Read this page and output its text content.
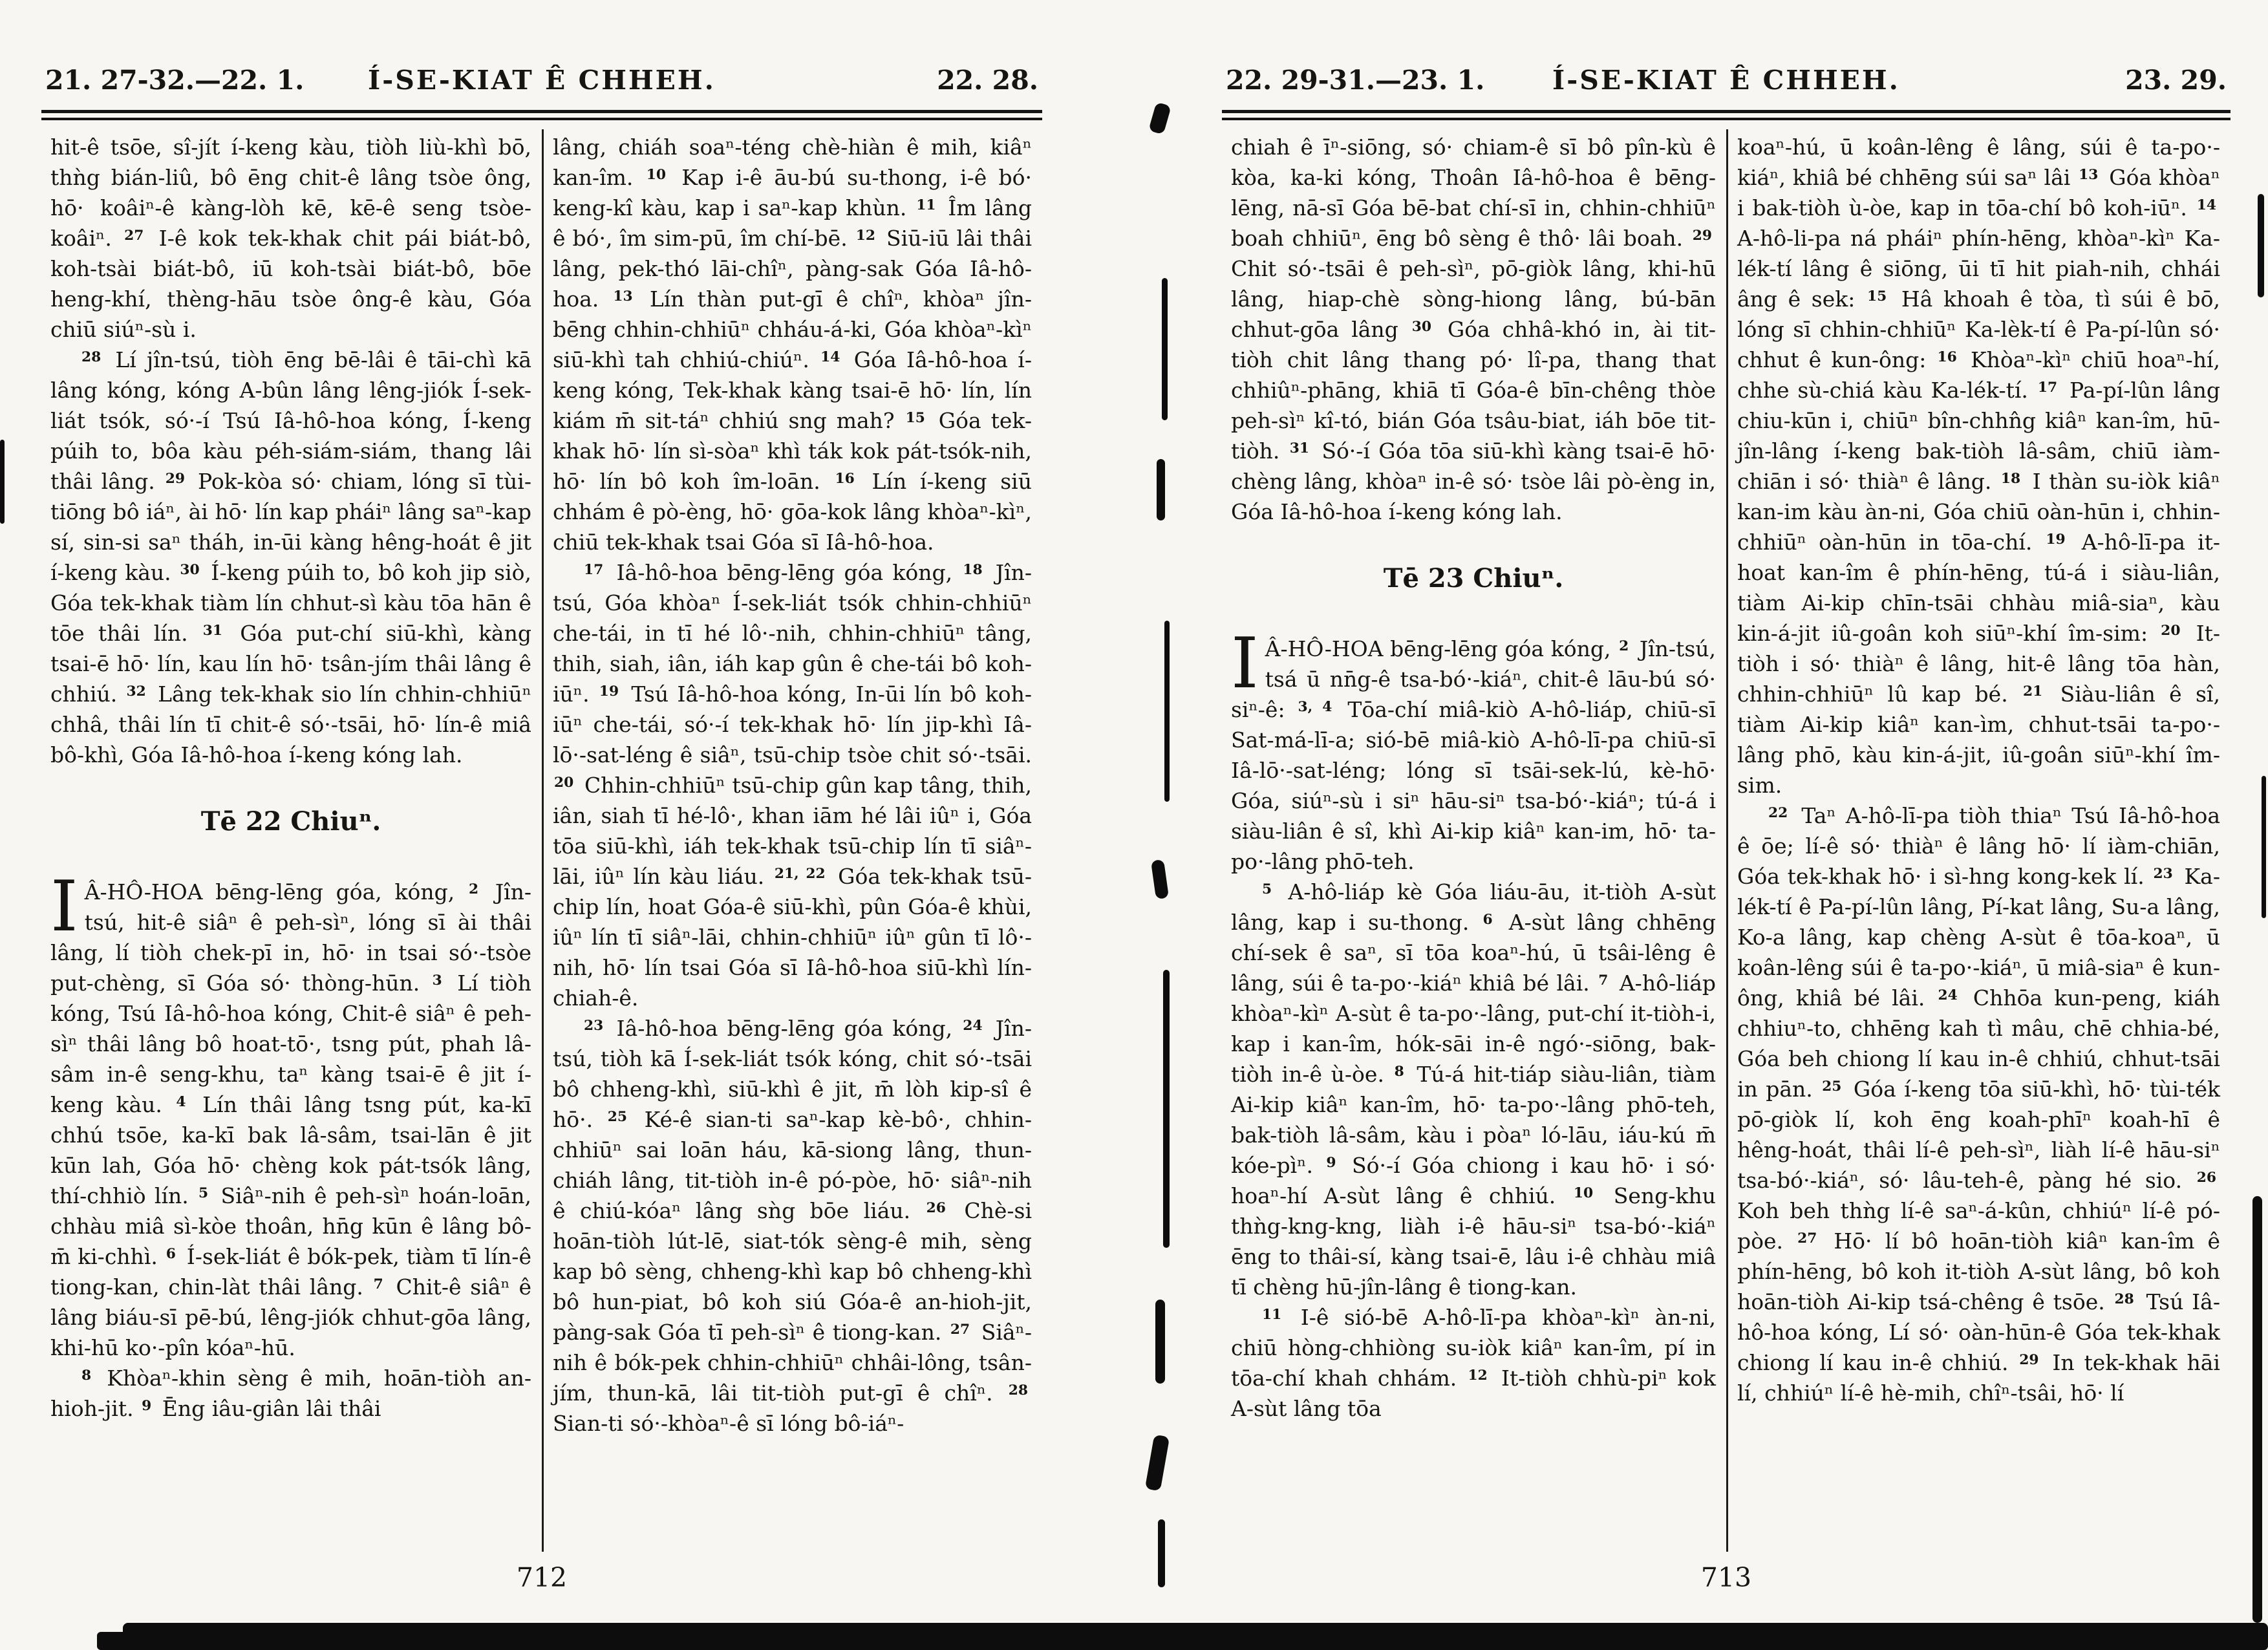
21. 27-32.—22. 1. Í-SE-KIAT Ê CHHEH.	22. 28.

hit-ê tsōe, sî-jít í-keng kàu, tiòh liù-khì bō, thǹg bián-liû, bô ēng chit-ê lâng tsòe ông, hō· koâiⁿ-ê kàng-lòh kē, kē-ê seng tsòe-koâiⁿ. $^{27}$ I-ê kok tek-khak chit pái biát-bô, koh-tsài biát-bô, iū koh-tsài biát-bô, bōe heng-khí, thèng-hāu tsòe ông-ê kàu, Góa chiū siúⁿ-sù i.

$^{28}$ Lí jîn-tsú, tiòh ēng bē-lâi ê tāi-chì kā lâng kóng, kóng A-bûn lâng lêng-jiók Í-sek-liát tsók, só·-í Tsú Iâ-hô-hoa kóng, Í-keng púih to, bôa kàu péh-siám-siám, thang lâi thâi lâng. $^{29}$ Pok-kòa só· chiam, lóng sī tùi-tiōng bô iáⁿ, ài hō· lín kap pháiⁿ lâng saⁿ-kap sí, sin-si saⁿ tháh, in-ūi kàng hêng-hoát ê jit í-keng kàu. $^{30}$ Í-keng púih to, bô koh jip siò, Góa tek-khak tiàm lín chhut-sì kàu tōa hān ê tōe thâi lín. $^{31}$ Góa put-chí siū-khì, kàng tsai-ē hō· lín, kau lín hō· tsân-jím thâi lâng ê chhiú. $^{32}$ Lâng tek-khak sio lín chhin-chhiūⁿ chhâ, thâi lín tī chit-ê só·-tsāi, hō· lín-ê miâ bô-khì, Góa Iâ-hô-hoa í-keng kóng lah.

Tē 22 Chiuⁿ.

I Â-HÔ-HOA bēng-lēng góa, kóng, $^2$ Jîn-tsú, hit-ê siâⁿ ê peh-sìⁿ, lóng sī ài thâi lâng, lí tiòh chek-pī in, hō· in tsai só·-tsòe put-chèng, sī Góa só· thòng-hūn. $^3$ Lí tiòh kóng, Tsú Iâ-hô-hoa kóng, Chit-ê siâⁿ ê peh-sìⁿ thâi lâng bô hoat-tō·, tsng pút, phah lâ-sâm in-ê seng-khu, taⁿ kàng tsai-ē ê jit í-keng kàu. $^4$ Lín thâi lâng tsng pút, ka-kī chhú tsōe, ka-kī bak lâ-sâm, tsai-lān ê jit kūn lah, Góa hō· chèng kok pát-tsók lâng, thí-chhiò lín. $^5$ Siâⁿ-nih ê peh-sìⁿ hoán-loān, chhàu miâ sì-kòe thoân, hn̄g kūn ê lâng bô-m̄ ki-chhì. $^6$ Í-sek-liát ê bók-pek, tiàm tī lín-ê tiong-kan, chin-làt thâi lâng. $^7$ Chit-ê siâⁿ ê lâng biáu-sī pē-bú, lêng-jiók chhut-gōa lâng, khi-hū ko·-pîn kóaⁿ-hū.

$^8$ Khòaⁿ-khin sèng ê mih, hoān-tiòh an-hioh-jit. $^9$ Ēng iâu-giân lâi thâi

lâng, chiáh soaⁿ-téng chè-hiàn ê mih, kiâⁿ kan-îm. $^{10}$ Kap i-ê āu-bú su-thong, i-ê bó· keng-kî kàu, kap i saⁿ-kap khùn. $^{11}$ Îm lâng ê bó·, îm sim-pū, îm chí-bē. $^{12}$ Siū-iū lâi thâi lâng, pek-thó lāi-chîⁿ, pàng-sak Góa Iâ-hô-hoa. $^{13}$ Lín thàn put-gī ê chîⁿ, khòaⁿ jîn-bēng chhin-chhiūⁿ chháu-á-ki, Góa khòaⁿ-kìⁿ siū-khì tah chhiú-chiúⁿ. $^{14}$ Góa Iâ-hô-hoa í-keng kóng, Tek-khak kàng tsai-ē hō· lín, lín kiám m̄ sit-táⁿ chhiú sng mah? $^{15}$ Góa tek-khak hō· lín sì-sòaⁿ khì ták kok pát-tsók-nih, hō· lín bô koh îm-loān. $^{16}$ Lín í-keng siū chhám ê pò-èng, hō· gōa-kok lâng khòaⁿ-kìⁿ, chiū tek-khak tsai Góa sī Iâ-hô-hoa.

$^{17}$ Iâ-hô-hoa bēng-lēng góa kóng, $^{18}$ Jîn-tsú, Góa khòaⁿ Í-sek-liát tsók chhin-chhiūⁿ che-tái, in tī hé lô·-nih, chhin-chhiūⁿ tâng, thih, siah, iân, iáh kap gûn ê che-tái bô koh-iūⁿ. $^{19}$ Tsú Iâ-hô-hoa kóng, In-ūi lín bô koh-iūⁿ che-tái, só·-í tek-khak hō· lín jip-khì Iâ-lō·-sat-léng ê siâⁿ, tsū-chip tsòe chit só·-tsāi. $^{20}$ Chhin-chhiūⁿ tsū-chip gûn kap tâng, thih, iân, siah tī hé-lô·, khan iām hé lâi iûⁿ i, Góa tōa siū-khì, iáh tek-khak tsū-chip lín tī siâⁿ-lāi, iûⁿ lín kàu liáu. $^{21, 22}$ Góa tek-khak tsū-chip lín, hoat Góa-ê siū-khì, pûn Góa-ê khùi, iûⁿ lín tī siâⁿ-lāi, chhin-chhiūⁿ iûⁿ gûn tī lô·-nih, hō· lín tsai Góa sī Iâ-hô-hoa siū-khì lín-chiah-ê.

$^{23}$ Iâ-hô-hoa bēng-lēng góa kóng, $^{24}$ Jîn-tsú, tiòh kā Í-sek-liát tsók kóng, chit só·-tsāi bô chheng-khì, siū-khì ê jit, m̄ lòh kip-sî ê hō·. $^{25}$ Ké-ê sian-ti saⁿ-kap kè-bô·, chhin-chhiūⁿ sai loān háu, kā-siong lâng, thun-chiáh lâng, tit-tiòh in-ê pó-pòe, hō· siâⁿ-nih ê chiú-kóaⁿ lâng sǹg bōe liáu. $^{26}$ Chè-si hoān-tiòh lút-lē, siat-tók sèng-ê mih, sèng kap bô sèng, chheng-khì kap bô chheng-khì bô hun-piat, bô koh siú Góa-ê an-hioh-jit, pàng-sak Góa tī peh-sìⁿ ê tiong-kan. $^{27}$ Siâⁿ-nih ê bók-pek chhin-chhiūⁿ chhâi-lông, tsân-jím, thun-kā, lâi tit-tiòh put-gī ê chîⁿ. $^{28}$ Sian-ti só·-khòaⁿ-ê sī lóng bô-iáⁿ-

712
22. 29-31.—23. 1.	Í-SE-KIAT Ê CHHEH.	23. 29.

chiah ê īⁿ-siōng, só· chiam-ê sī bô pîn-kù ê kòa, ka-ki kóng, Thoân Iâ-hô-hoa ê bēng-lēng, nā-sī Góa bē-bat chí-sī in, chhin-chhiūⁿ boah chhiūⁿ, ēng bô sèng ê thô· lâi boah. $^{29}$ Chit só·-tsāi ê peh-sìⁿ, pō-giòk lâng, khi-hū lâng, hiap-chè sòng-hiong lâng, bú-bān chhut-gōa lâng $^{30}$ Góa chhâ-khó in, ài tit-tiòh chit lâng thang pó· lî-pa, thang that chhiûⁿ-phāng, khiā tī Góa-ê bīn-chêng thòe peh-sìⁿ kî-tó, bián Góa tsâu-biat, iáh bōe tit-tiòh. $^{31}$ Só·-í Góa tōa siū-khì kàng tsai-ē hō· chèng lâng, khòaⁿ in-ê só· tsòe lâi pò-èng in, Góa Iâ-hô-hoa í-keng kóng lah.

Tē 23 Chiuⁿ.

I Â-HÔ-HOA bēng-lēng góa kóng, $^2$ Jîn-tsú, tsá ū nn̄g-ê tsa-bó·-kiáⁿ, chit-ê lāu-bú só· siⁿ-ê: $^{3, 4}$ Tōa-chí miâ-kiò A-hô-liáp, chiū-sī Sat-má-lī-a; sió-bē miâ-kiò A-hô-lī-pa chiū-sī Iâ-lō·-sat-léng; lóng sī tsāi-sek-lú, kè-hō· Góa, siúⁿ-sù i siⁿ hāu-siⁿ tsa-bó·-kiáⁿ; tú-á i siàu-liân ê sî, khì Ai-kip kiâⁿ kan-im, hō· ta-po·-lâng phō-teh.

$^5$ A-hô-liáp kè Góa liáu-āu, it-tiòh A-sùt lâng, kap i su-thong. $^6$ A-sùt lâng chhēng chí-sek ê saⁿ, sī tōa koaⁿ-hú, ū tsâi-lêng ê lâng, súi ê ta-po·-kiáⁿ khiâ bé lâi. $^7$ A-hô-liáp khòaⁿ-kìⁿ A-sùt ê ta-po·-lâng, put-chí it-tiòh-i, kap i kan-îm, hók-sāi in-ê ngó·-siōng, bak-tiòh in-ê ù-òe. $^8$ Tú-á hit-tiáp siàu-liân, tiàm Ai-kip kiâⁿ kan-îm, hō· ta-po·-lâng phō-teh, bak-tiòh lâ-sâm, kàu i pòaⁿ ló-lāu, iáu-kú m̄ kóe-pìⁿ. $^9$ Só·-í Góa chiong i kau hō· i só· hoaⁿ-hí A-sùt lâng ê chhiú. $^{10}$ Seng-khu thǹg-kng-kng, liàh i-ê hāu-siⁿ tsa-bó·-kiáⁿ ēng to thâi-sí, kàng tsai-ē, lâu i-ê chhàu miâ tī chèng hū-jîn-lâng ê tiong-kan.

$^{11}$ I-ê sió-bē A-hô-lī-pa khòaⁿ-kìⁿ àn-ni, chiū hòng-chhiòng su-iòk kiâⁿ kan-îm, pí in tōa-chí khah chhám. $^{12}$ It-tiòh chhù-piⁿ kok A-sùt lâng tōa

koaⁿ-hú, ū koân-lêng ê lâng, súi ê ta-po·-kiáⁿ, khiâ bé chhēng súi saⁿ lâi $^{13}$ Góa khòaⁿ i bak-tiòh ù-òe, kap in tōa-chí bô koh-iūⁿ. $^{14}$ A-hô-li-pa ná pháiⁿ phín-hēng, khòaⁿ-kìⁿ Ka-lék-tí lâng ê siōng, ūi tī hit piah-nih, chhái âng ê sek: $^{15}$ Hâ khoah ê tòa, tì súi ê bō, lóng sī chhin-chhiūⁿ Ka-lèk-tí ê Pa-pí-lûn só· chhut ê kun-ông: $^{16}$ Khòaⁿ-kìⁿ chiū hoaⁿ-hí, chhe sù-chiá kàu Ka-lék-tí. $^{17}$ Pa-pí-lûn lâng chiu-kūn i, chiūⁿ bîn-chhn̂g kiâⁿ kan-îm, hū-jîn-lâng í-keng bak-tiòh lâ-sâm, chiū iàm-chiān i só· thiàⁿ ê lâng. $^{18}$ I thàn su-iòk kiâⁿ kan-im kàu àn-ni, Góa chiū oàn-hūn i, chhin-chhiūⁿ oàn-hūn in tōa-chí. $^{19}$ A-hô-lī-pa it-hoat kan-îm ê phín-hēng, tú-á i siàu-liân, tiàm Ai-kip chīn-tsāi chhàu miâ-siaⁿ, kàu kin-á-jit iû-goân koh siūⁿ-khí îm-sim: $^{20}$ It-tiòh i só· thiàⁿ ê lâng, hit-ê lâng tōa hàn, chhin-chhiūⁿ lû kap bé. $^{21}$ Siàu-liân ê sî, tiàm Ai-kip kiâⁿ kan-ìm, chhut-tsāi ta-po·-lâng phō, kàu kin-á-jit, iû-goân siūⁿ-khí îm-sim.

$^{22}$ Taⁿ A-hô-lī-pa tiòh thiaⁿ Tsú Iâ-hô-hoa ê ōe; lí-ê só· thiàⁿ ê lâng hō· lí iàm-chiān, Góa tek-khak hō· i sì-hng kong-kek lí. $^{23}$ Ka-lék-tí ê Pa-pí-lûn lâng, Pí-kat lâng, Su-a lâng, Ko-a lâng, kap chèng A-sùt ê tōa-koaⁿ, ū koân-lêng súi ê ta-po·-kiáⁿ, ū miâ-siaⁿ ê kun-ông, khiâ bé lâi. $^{24}$ Chhōa kun-peng, kiáh chhiuⁿ-to, chhēng kah tì mâu, chē chhia-bé, Góa beh chiong lí kau in-ê chhiú, chhut-tsāi in pān. $^{25}$ Góa í-keng tōa siū-khì, hō· tùi-ték pō-giòk lí, koh ēng koah-phīⁿ koah-hī ê hêng-hoát, thâi lí-ê peh-sìⁿ, liàh lí-ê hāu-siⁿ tsa-bó·-kiáⁿ, só· lâu-teh-ê, pàng hé sio. $^{26}$ Koh beh thǹg lí-ê saⁿ-á-kûn, chhiúⁿ lí-ê pó-pòe. $^{27}$ Hō· lí bô hoān-tiòh kiâⁿ kan-îm ê phín-hēng, bô koh it-tiòh A-sùt lâng, bô koh hoān-tiòh Ai-kip tsá-chêng ê tsōe. $^{28}$ Tsú Iâ-hô-hoa kóng, Lí só· oàn-hūn-ê Góa tek-khak chiong lí kau in-ê chhiú. $^{29}$ In tek-khak hāi lí, chhiúⁿ lí-ê hè-mih, chîⁿ-tsâi, hō· lí

713
